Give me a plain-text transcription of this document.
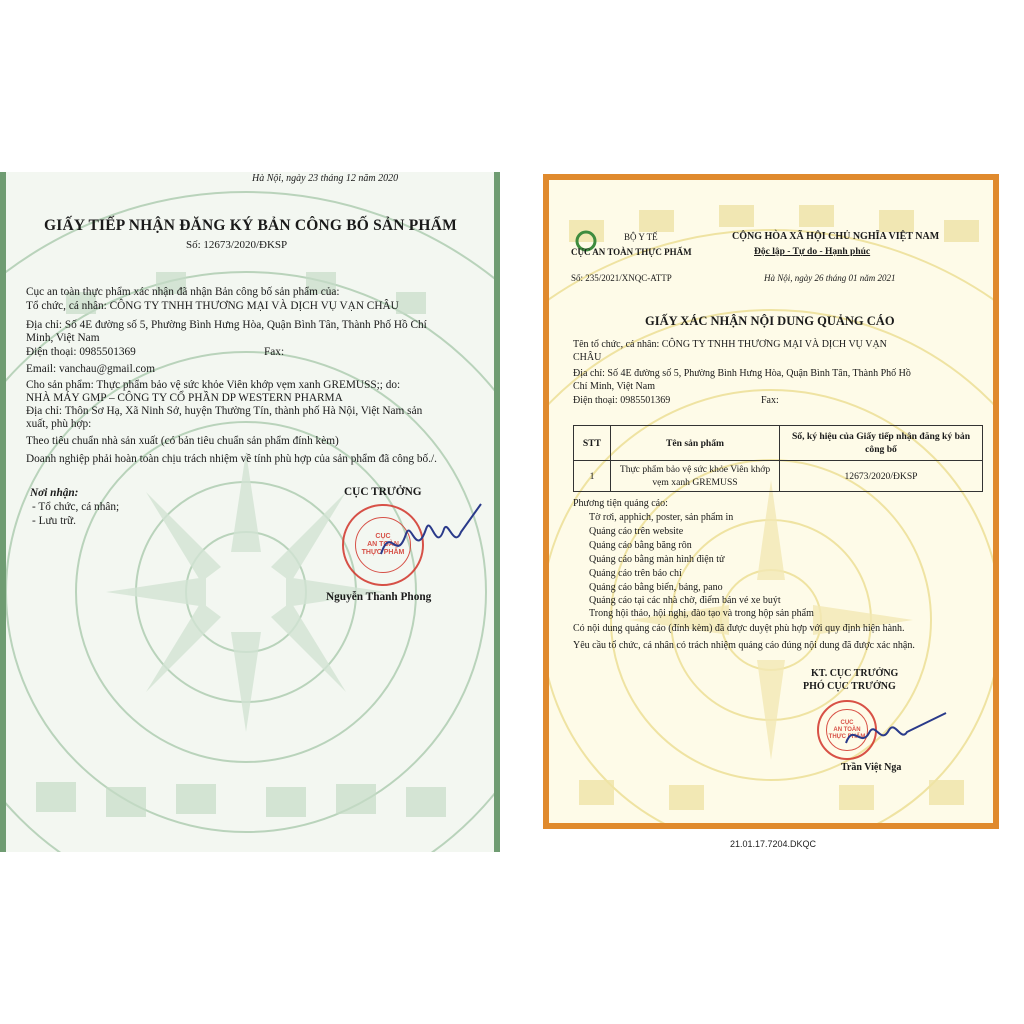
Hà Nội, ngày 23 tháng 12 năm 2020
GIẤY TIẾP NHẬN ĐĂNG KÝ BẢN CÔNG BỐ SẢN PHẨM
Số: 12673/2020/ĐKSP
Cục an toàn thực phẩm xác nhận đã nhận Bản công bố sản phẩm của:
Tổ chức, cá nhân: CÔNG TY TNHH THƯƠNG MẠI VÀ DỊCH VỤ VẠN CHÂU
Địa chỉ: Số 4E đường số 5, Phường Bình Hưng Hòa, Quận Bình Tân, Thành Phố Hồ Chí
Minh, Việt Nam
Điện thoại: 0985501369	Fax:
Email: vanchau@gmail.com
Cho sản phẩm: Thực phẩm bảo vệ sức khỏe Viên khớp vẹm xanh GREMUSS;; do:
NHÀ MÁY GMP – CÔNG TY CỔ PHẦN DP WESTERN PHARMA
Địa chỉ: Thôn Sơ Hạ, Xã Ninh Sở, huyện Thường Tín, thành phố Hà Nội, Việt Nam sản
xuất, phù hợp:
Theo tiêu chuẩn nhà sản xuất (có bản tiêu chuẩn sản phẩm đính kèm)
Doanh nghiệp phải hoàn toàn chịu trách nhiệm về tính phù hợp của sản phẩm đã công bố./.
Nơi nhận:
- Tổ chức, cá nhân;
- Lưu trữ.
CỤC TRƯỞNG
CỤC
AN TOÀN
THỰC PHẨM
Nguyễn Thanh Phong
BỘ Y TẾ
CỤC AN TOÀN THỰC PHẨM
CỘNG HÒA XÃ HỘI CHỦ NGHĨA VIỆT NAM
Độc lập - Tự do - Hạnh phúc
Số: 235/2021/XNQC-ATTP	Hà Nội, ngày 26 tháng 01 năm 2021
GIẤY XÁC NHẬN NỘI DUNG QUẢNG CÁO
Tên tổ chức, cá nhân: CÔNG TY TNHH THƯƠNG MẠI VÀ DỊCH VỤ VẠN
CHÂU
Địa chỉ: Số 4E đường số 5, Phường Bình Hưng Hòa, Quận Bình Tân, Thành Phố Hồ
Chí Minh, Việt Nam
Điện thoại: 0985501369	Fax:
STT	Tên sản phẩm	Số, ký hiệu của Giấy tiếp nhận đăng ký bản công bố
1	Thực phẩm bảo vệ sức khỏe Viên khớp vẹm xanh GREMUSS	12673/2020/ĐKSP
Phương tiện quảng cáo:
Tờ rơi, apphich, poster, sản phẩm in
Quảng cáo trên website
Quảng cáo bằng băng rôn
Quảng cáo bằng màn hình điện tử
Quảng cáo trên báo chí
Quảng cáo bằng biển, bảng, pano
Quảng cáo tại các nhà chờ, điểm bán vé xe buýt
Trong hội thảo, hội nghị, đào tạo và trong hộp sản phẩm
Có nội dung quảng cáo (đính kèm) đã được duyệt phù hợp với quy định hiện hành.
Yêu cầu tổ chức, cá nhân có trách nhiệm quảng cáo đúng nội dung đã được xác nhận.
KT. CỤC TRƯỞNG
PHÓ CỤC TRƯỞNG
CỤC
AN TOÀN
THỰC PHẨM
Trần Việt Nga
21.01.17.7204.DKQC
